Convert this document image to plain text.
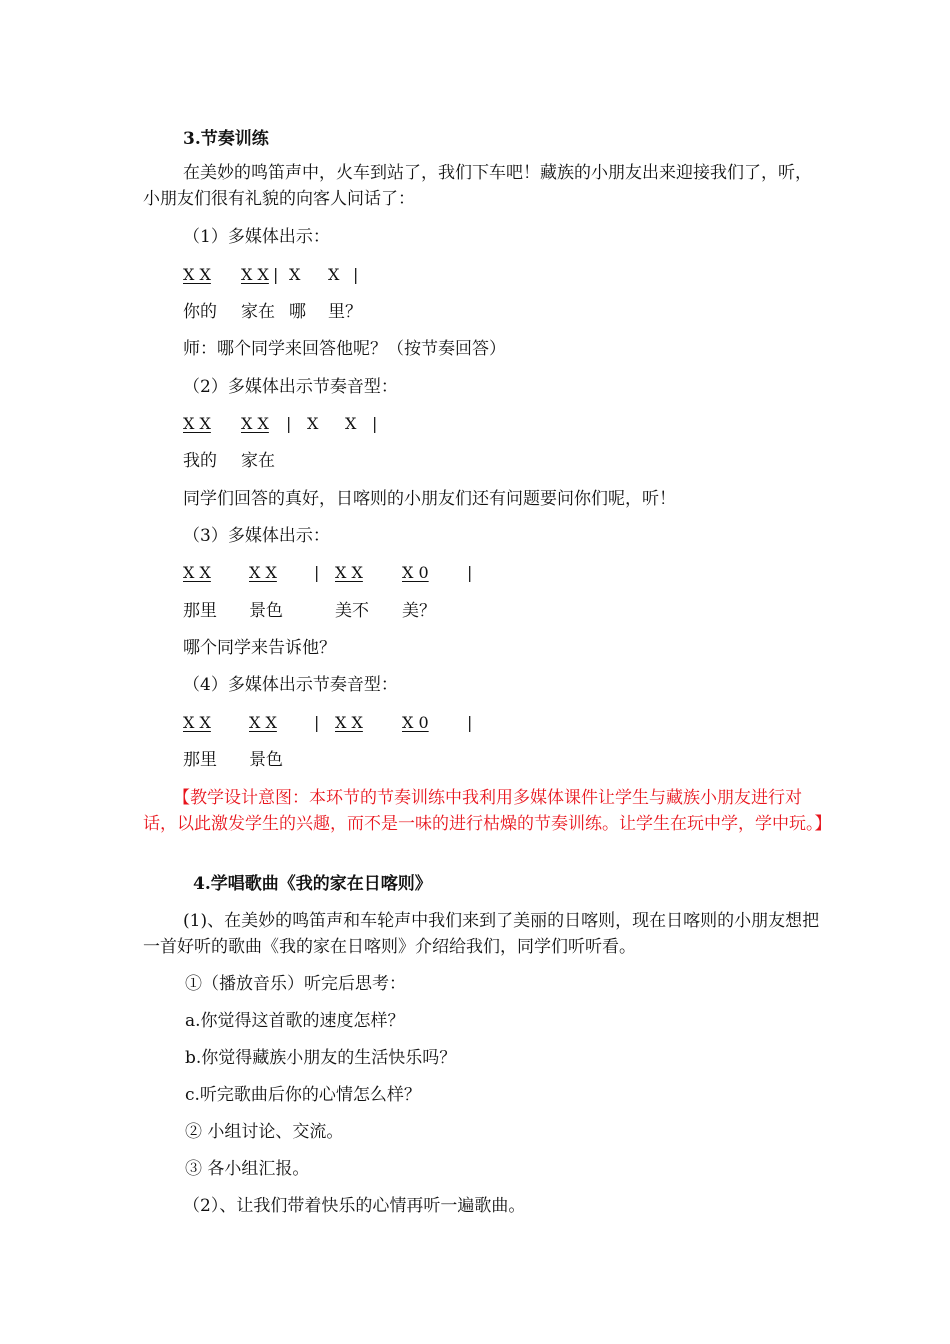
3.节奏训练
在美妙的鸣笛声中，火车到站了，我们下车吧！藏族的小朋友出来迎接我们了，听，小朋友们很有礼貌的向客人问话了：
（1）多媒体出示：
X X X X | X X |
你的 家在 哪 里？
师：哪个同学来回答他呢？（按节奏回答）
（2）多媒体出示节奏音型：
X X X X | X X |
我的 家在
同学们回答的真好，日喀则的小朋友们还有问题要问你们呢，听！
（3）多媒体出示：
X X X X | X X X 0 |
那里 景色	美不 美？
哪个同学来告诉他？
（4）多媒体出示节奏音型：
X X X X | X X X 0 |
那里 景色
【教学设计意图：本环节的节奏训练中我利用多媒体课件让学生与藏族小朋友进行对话，以此激发学生的兴趣，而不是一味的进行枯燥的节奏训练。让学生在玩中学，学中玩。】
4.学唱歌曲《我的家在日喀则》
(1)、在美妙的鸣笛声和车轮声中我们来到了美丽的日喀则，现在日喀则的小朋友想把一首好听的歌曲《我的家在日喀则》介绍给我们，同学们听听看。
①（播放音乐）听完后思考：
a.你觉得这首歌的速度怎样？
b.你觉得藏族小朋友的生活快乐吗？
c.听完歌曲后你的心情怎么样？
② 小组讨论、交流。
③ 各小组汇报。
（2）、让我们带着快乐的心情再听一遍歌曲。
